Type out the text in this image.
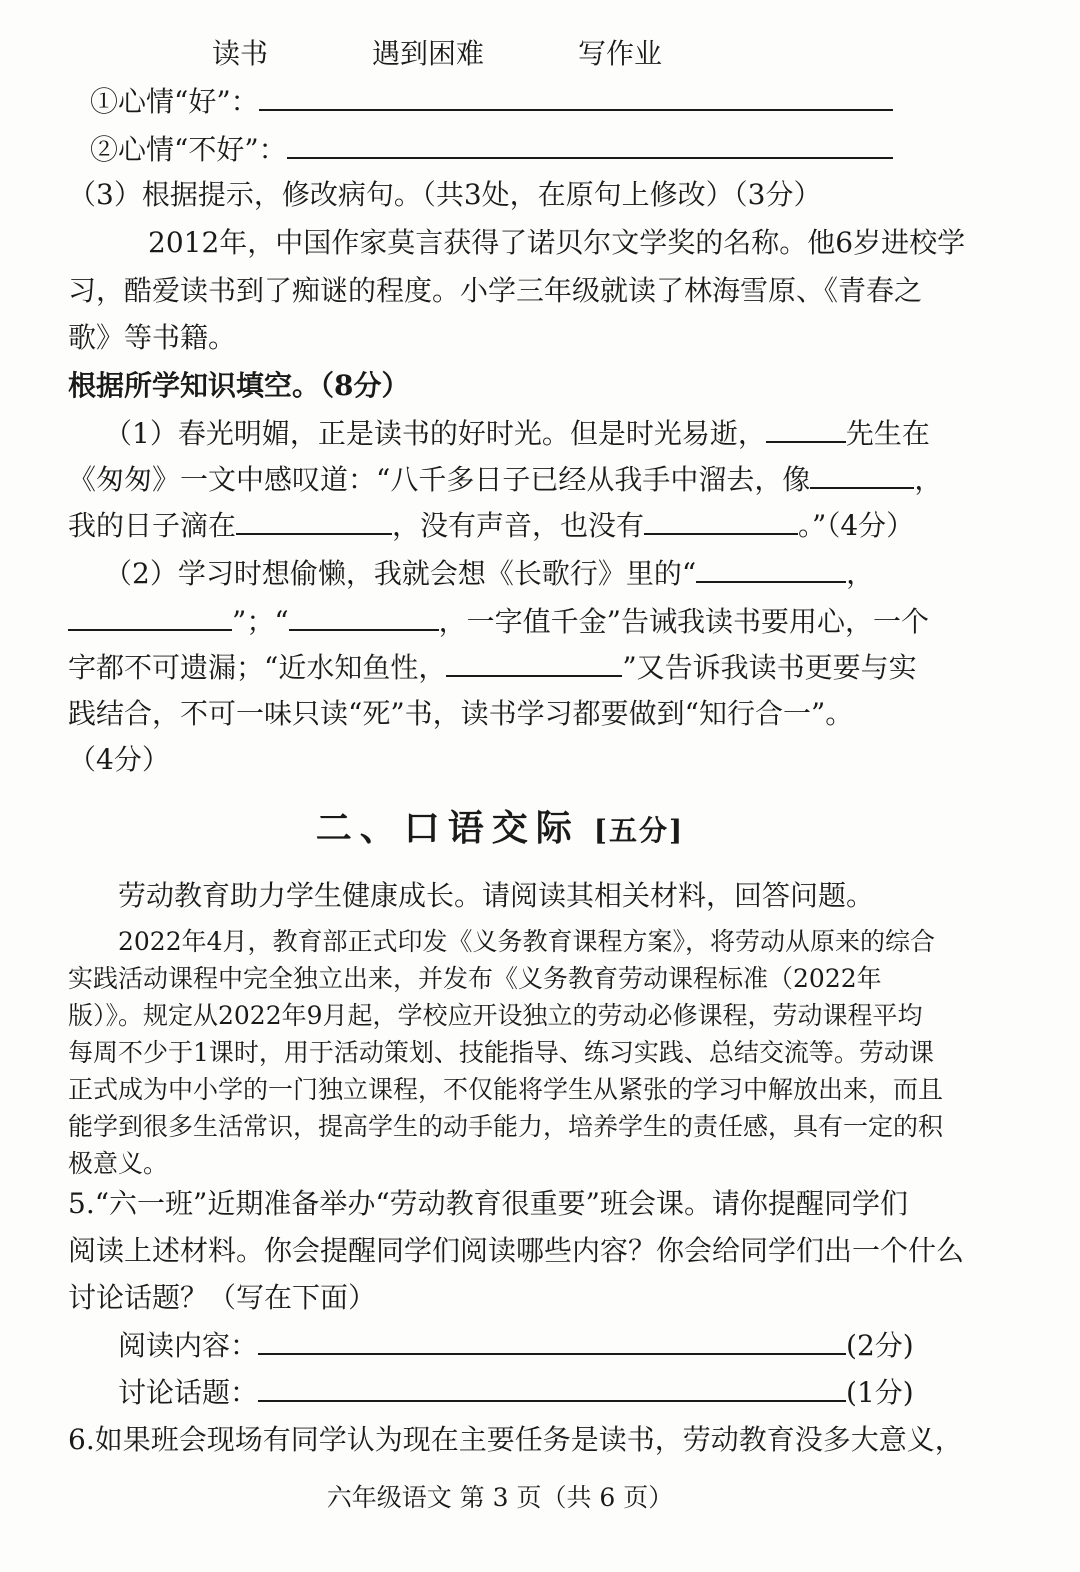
读书	遇到困难	写作业
①心情“好”：
②心情“不好”：
（3）根据提示，修改病句。（共3处，在原句上修改）（3分）
2012年，中国作家莫言获得了诺贝尔文学奖的名称。他6岁进校学
习，酷爱读书到了痴谜的程度。小学三年级就读了林海雪原、《青春之
歌》等书籍。
根据所学知识填空。（8分）
（1）春光明媚，正是读书的好时光。但是时光易逝，	先生在
《匆匆》一文中感叹道：“八千多日子已经从我手中溜去，像	，
我的日子滴在	，没有声音，也没有	。”（4分）
（2）学习时想偷懒，我就会想《长歌行》里的“	，
”；“	，一字值千金”告诫我读书要用心，一个
字都不可遗漏；“近水知鱼性，	”又告诉我读书更要与实
践结合，不可一味只读“死”书，读书学习都要做到“知行合一”。
（4分）
二、口语交际 [五分]
劳动教育助力学生健康成长。请阅读其相关材料，回答问题。
2022年4月，教育部正式印发《义务教育课程方案》，将劳动从原来的综合
实践活动课程中完全独立出来，并发布《义务教育劳动课程标准（2022年
版）》。规定从2022年9月起，学校应开设独立的劳动必修课程，劳动课程平均
每周不少于1课时，用于活动策划、技能指导、练习实践、总结交流等。劳动课
正式成为中小学的一门独立课程，不仅能将学生从紧张的学习中解放出来，而且
能学到很多生活常识，提高学生的动手能力，培养学生的责任感，具有一定的积
极意义。
5.“六一班”近期准备举办“劳动教育很重要”班会课。请你提醒同学们
阅读上述材料。你会提醒同学们阅读哪些内容？你会给同学们出一个什么
讨论话题？（写在下面）
阅读内容：	(2分)
讨论话题：	(1分)
6.如果班会现场有同学认为现在主要任务是读书，劳动教育没多大意义，
六年级语文 第 3 页（共 6 页）
